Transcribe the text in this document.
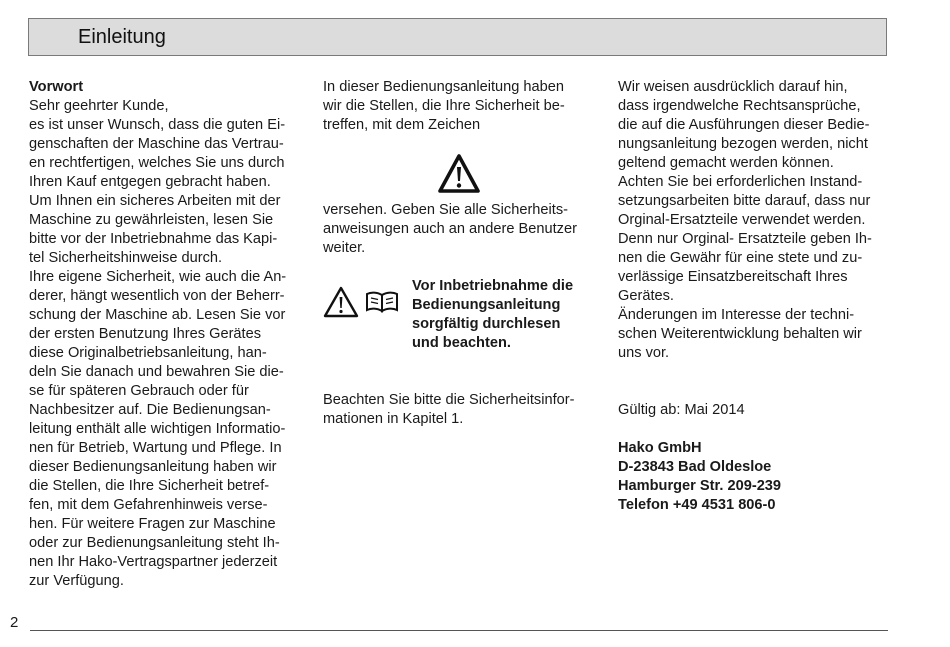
Einleitung

Vorwort

Sehr geehrter Kunde,

es ist unser Wunsch, dass die guten Ei-

genschaften der Maschine das Vertrau-

en rechtfertigen, welches Sie uns durch

Ihren Kauf entgegen gebracht haben.

Um Ihnen ein sicheres Arbeiten mit der

Maschine zu gewährleisten, lesen Sie

bitte vor der Inbetriebnahme das Kapi-

tel Sicherheitshinweise durch.

Ihre eigene Sicherheit, wie auch die An-

derer, hängt wesentlich von der Beherr-

schung der Maschine ab. Lesen Sie vor

der ersten Benutzung Ihres Gerätes

diese Originalbetriebsanleitung, han-

deln Sie danach und bewahren Sie die-

se für späteren Gebrauch oder für

Nachbesitzer auf. Die Bedienungsan-

leitung enthält alle wichtigen Informatio-

nen für Betrieb, Wartung und Pflege. In

dieser Bedienungsanleitung haben wir

die Stellen, die Ihre Sicherheit betref-

fen, mit dem Gefahrenhinweis verse-

hen. Für weitere Fragen zur Maschine

oder zur Bedienungsanleitung steht Ih-

nen Ihr Hako-Vertragspartner jederzeit

zur Verfügung.

In dieser Bedienungsanleitung haben

wir die Stellen, die Ihre Sicherheit be-

treffen, mit dem Zeichen

versehen. Geben Sie alle Sicherheits-

anweisungen auch an andere Benutzer

weiter.

Vor Inbetriebnahme die

Bedienungsanleitung

sorgfältig durchlesen

und beachten.

Beachten Sie bitte die Sicherheitsinfor-

mationen in Kapitel 1.

Wir weisen ausdrücklich darauf hin,

dass irgendwelche Rechtsansprüche,

die auf die Ausführungen dieser Bedie-

nungsanleitung bezogen werden, nicht

geltend gemacht werden können.

Achten Sie bei erforderlichen Instand-

setzungsarbeiten bitte darauf, dass nur

Orginal-Ersatzteile verwendet werden.

Denn nur Orginal- Ersatzteile geben Ih-

nen die Gewähr für eine stete und zu-

verlässige Einsatzbereitschaft Ihres

Gerätes.

Änderungen im Interesse der techni-

schen Weiterentwicklung behalten wir

uns vor.

Gültig ab: Mai 2014

Hako GmbH

D-23843 Bad Oldesloe

Hamburger Str. 209-239

Telefon +49 4531 806-0

2
